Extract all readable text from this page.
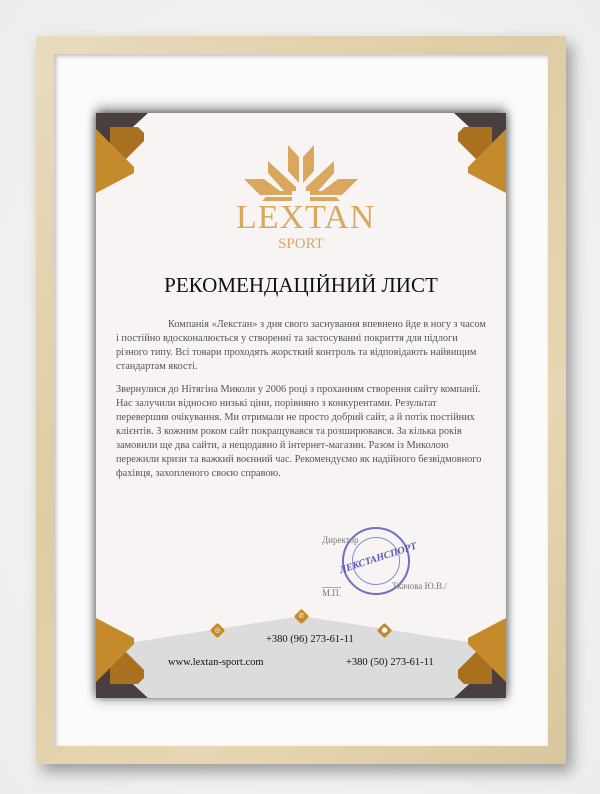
LEXTAN
SPORT
РЕКОМЕНДАЦІЙНИЙ ЛИСТ
Компанія «Лекстан» з дня свого заснування впевнено йде в ногу з часом і постійно вдосконалюється у створенні та застосуванні покриття для підлоги різного типу. Всі товари проходять жорсткий контроль та відповідають найвищим стандартам якості.
Звернулися до Нітягіна Миколи у 2006 році з проханням створення сайту компанії. Нас залучили відносно низькі ціни, порівняно з конкурентами. Результат перевершив очікування. Ми отримали не просто добрий сайт, а й потік постійних клієнтів. З кожним роком сайт покращувався та розширювався. За кілька років замовили ще два сайти, а нещодавно й інтернет-магазин. Разом із Миколою пережили кризи та важкий воєнний час. Рекомендуємо як надійного безвідмовного фахівця, захопленого своєю справою.
Директор
ЛЕКСТАНСПОРТ
М.П.
Ткачова Ю.В./
◎
✆
●
+380 (96) 273-61-11
www.lextan-sport.com	+380 (50) 273-61-11
